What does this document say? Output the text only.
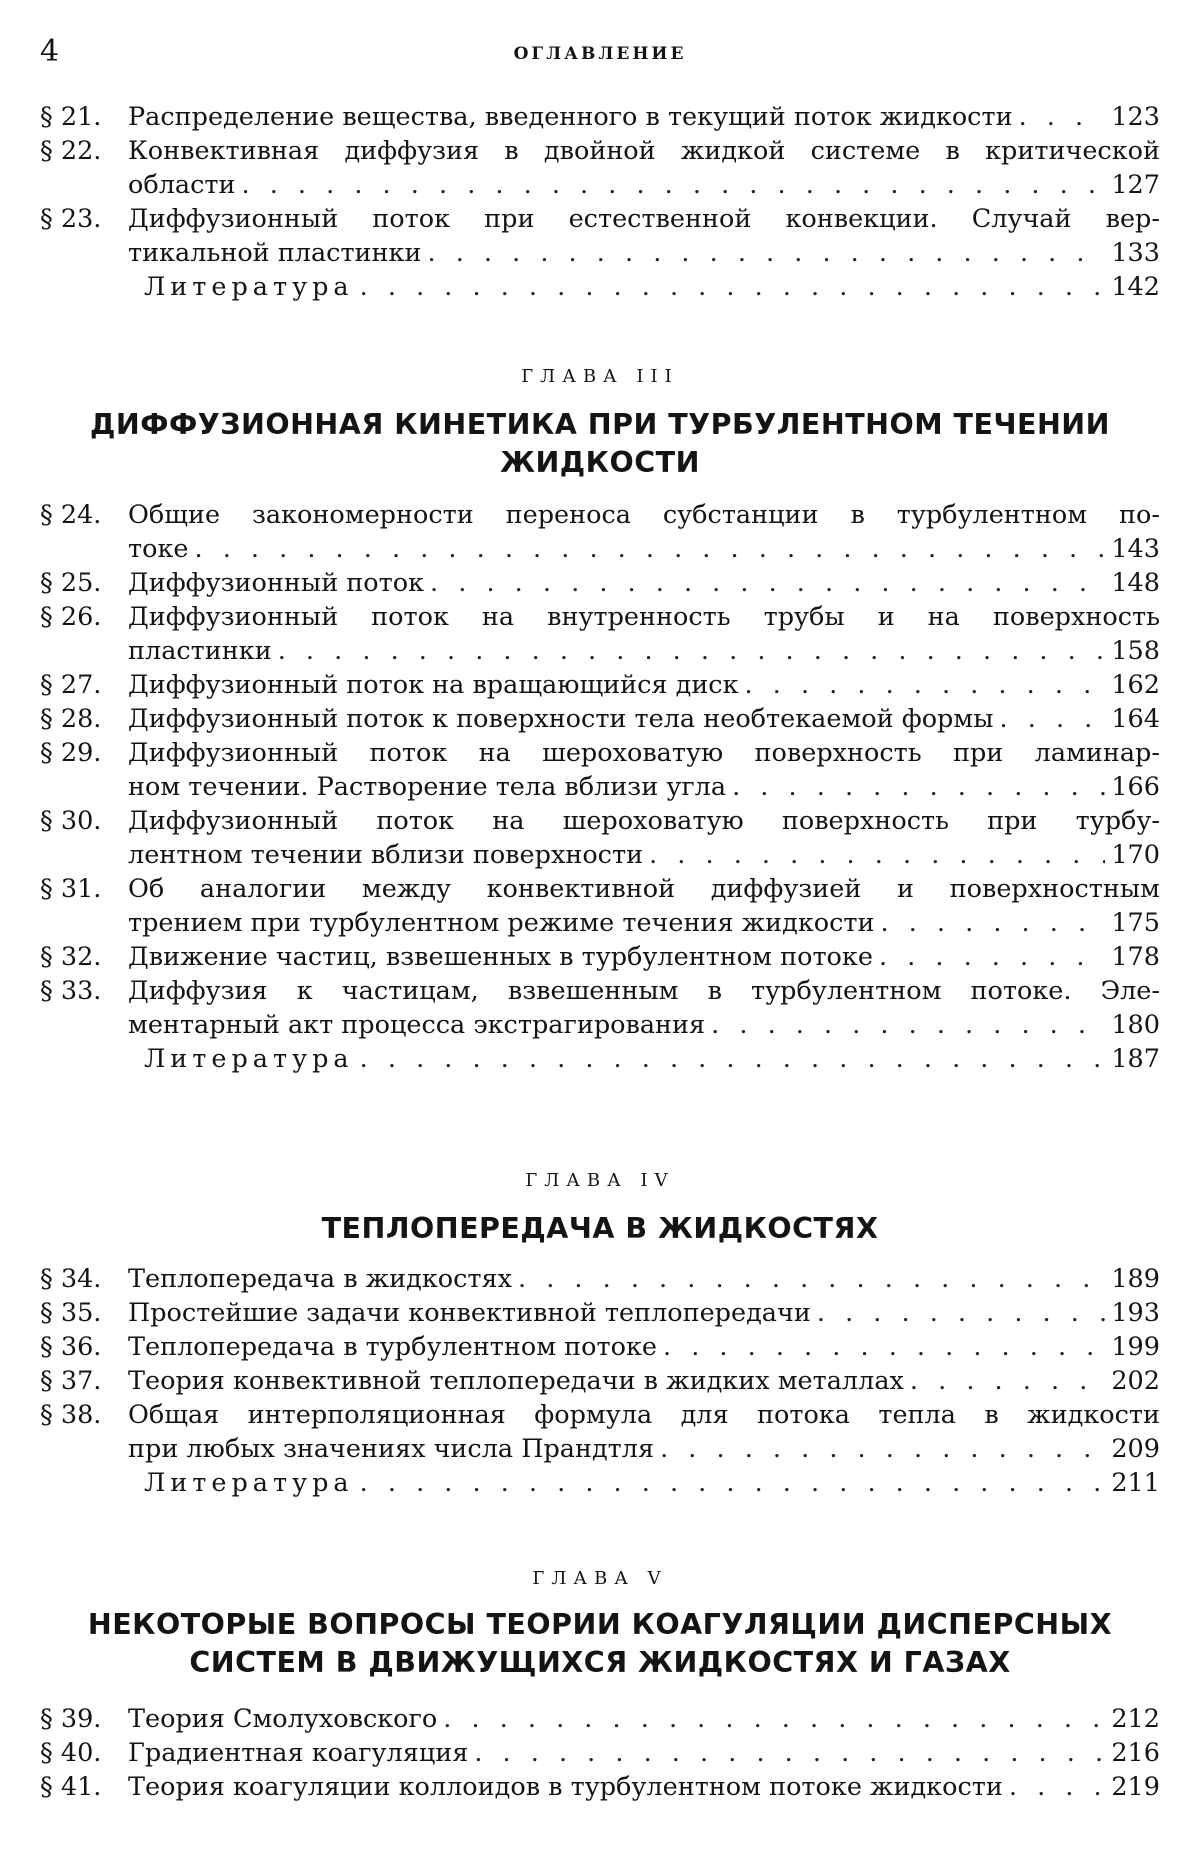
4	ОГЛАВЛЕНИЕ
§ 21.	Распределение вещества, введенного в текущий поток жидкости . . .	123
§ 22.	Конвективная диффузия в двойной жидкой системе в критической
области . . .	127
§ 23.	Диффузионный поток при естественной конвекции. Случай вер-
тикальной пластинки . . .	133
Литература . . .	142
ГЛАВА III
ДИФФУЗИОННАЯ КИНЕТИКА ПРИ ТУРБУЛЕНТНОМ ТЕЧЕНИИ
ЖИДКОСТИ
§ 24.	Общие закономерности переноса субстанции в турбулентном по-
токе . . .	143
§ 25.	Диффузионный поток . . .	148
§ 26.	Диффузионный поток на внутренность трубы и на поверхность
пластинки . . .	158
§ 27.	Диффузионный поток на вращающийся диск . . .	162
§ 28.	Диффузионный поток к поверхности тела необтекаемой формы . . .	164
§ 29.	Диффузионный поток на шероховатую поверхность при ламинар-
ном течении. Растворение тела вблизи угла . . .	166
§ 30.	Диффузионный поток на шероховатую поверхность при турбу-
лентном течении вблизи поверхности . . .	170
§ 31.	Об аналогии между конвективной диффузией и поверхностным
трением при турбулентном режиме течения жидкости . . .	175
§ 32.	Движение частиц, взвешенных в турбулентном потоке . . .	178
§ 33.	Диффузия к частицам, взвешенным в турбулентном потоке. Эле-
ментарный акт процесса экстрагирования . . .	180
Литература . . .	187
ГЛАВА IV
ТЕПЛОПЕРЕДАЧА В ЖИДКОСТЯХ
§ 34.	Теплопередача в жидкостях . . .	189
§ 35.	Простейшие задачи конвективной теплопередачи . . .	193
§ 36.	Теплопередача в турбулентном потоке . . .	199
§ 37.	Теория конвективной теплопередачи в жидких металлах . . .	202
§ 38.	Общая интерполяционная формула для потока тепла в жидкости
при любых значениях числа Прандтля . . .	209
Литература . . .	211
ГЛАВА V
НЕКОТОРЫЕ ВОПРОСЫ ТЕОРИИ КОАГУЛЯЦИИ ДИСПЕРСНЫХ
СИСТЕМ В ДВИЖУЩИХСЯ ЖИДКОСТЯХ И ГАЗАХ
§ 39.	Теория Смолуховского . . .	212
§ 40.	Градиентная коагуляция . . .	216
§ 41.	Теория коагуляции коллоидов в турбулентном потоке жидкости . . .	219
